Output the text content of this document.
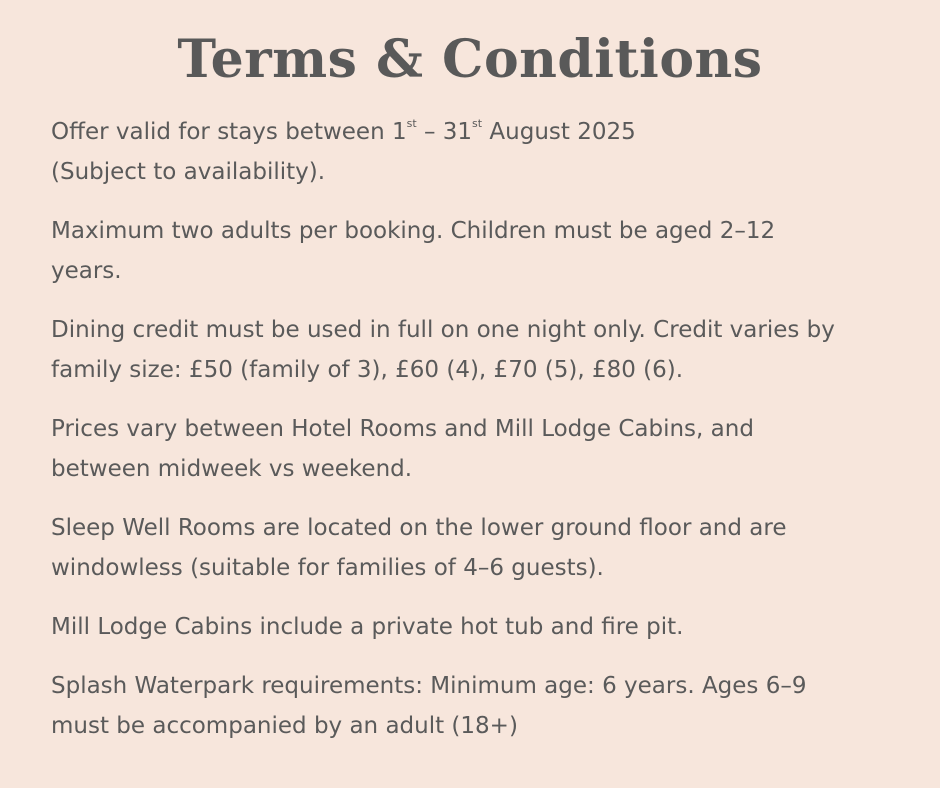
Terms & Conditions
Offer valid for stays between 1st – 31st August 2025
(Subject to availability).
Maximum two adults per booking. Children must be aged 2–12
years.
Dining credit must be used in full on one night only. Credit varies by
family size: £50 (family of 3), £60 (4), £70 (5), £80 (6).
Prices vary between Hotel Rooms and Mill Lodge Cabins, and
between midweek vs weekend.
Sleep Well Rooms are located on the lower ground floor and are
windowless (suitable for families of 4–6 guests).
Mill Lodge Cabins include a private hot tub and fire pit.
Splash Waterpark requirements: Minimum age: 6 years. Ages 6–9
must be accompanied by an adult (18+)
